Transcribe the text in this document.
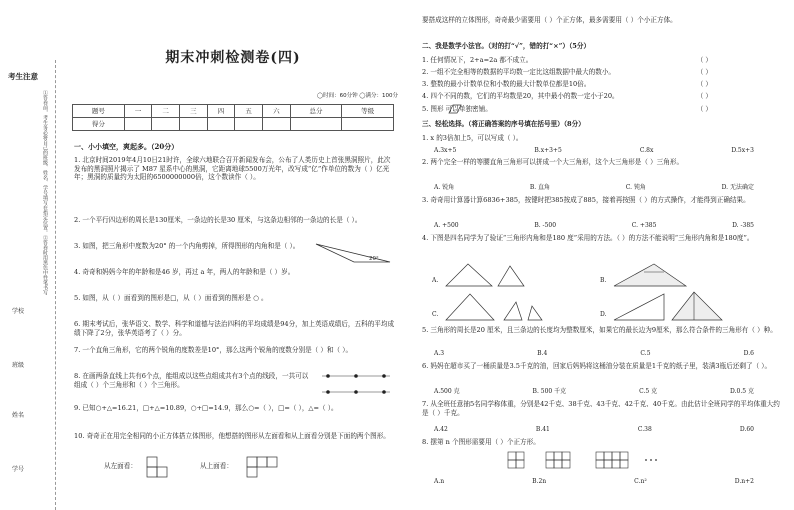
考生注意
①答卷前，考生务必将自己的班级、姓名、学号填写在指定位置。②答卷时用黑色中性笔书写
学校
班级
姓名
学号
期末冲刺检测卷(四)
◯时间：60分钟 ◯满分：100分
题号	一	二	三	四	五	六	总分	等级
得分								
一、小小填空，爽起多。（20分）
1. 北京时间2019年4月10日21时许，全球六地联合召开新闻发布会，公布了人类历史上首张黑洞照片，此次发布的黑洞照片揭示了 M87 星系中心的黑洞，它距离地球5500万光年，改写成“亿”作单位的数为（ ）亿光年；黑洞的质量约为太阳的6500000000倍，这个数读作（ ）。
2. 一个平行四边形的周长是130厘米，一条边的长是30 厘米，与这条边相邻的一条边的长是（ ）。
3. 如图，把三角形中度数为20° 的一个内角剪掉，所得图形的内角和是（ ）。
20°
4. 奇奇和妈妈今年的年龄和是46 岁，再过 a 年，两人的年龄和是（ ）岁。
5. 如图，从（ ）面看到的图形是□，从（ ）面看到的图形是 ○ 。
6. 期末考试后，张华语文、数学、科学和道德与法治四科的平均成绩是94分，加上英语成绩后，五科的平均成绩下降了2分，张华英语考了（ ）分。
7. 一个直角三角形，它的两个锐角的度数差是10°，那么这两个锐角的度数分别是（ ）和（ ）。
8. 在画两条直线上共有6个点，能组成以这些点组成共有3个点的线段，一共可以组成（ ）个三角形和（ ）个三角形。
9. 已知○+△=16.21，□+△=10.89，○+□=14.9，那么○=（ ），□=（ ），△=（ ）。
10. 奇奇正在用完全相同的小正方体搭立体图形，他想搭的图形从左面看和从上面看分别是下面的两个图形。
从左面看：	从上面看：
要搭成这样的立体图形，奇奇最少需要用（ ）个正方体，最多需要用（ ）个小正方体。
二、我是数学小法官。（对的打“√”，错的打“×”）（5分）
1. 任何情况下，2+a=2a 都不成立。	（ ）
2. 一组不完全相等的数据的平均数一定比这组数据中最大的数小。	（ ）
3. 整数的最小计数单位和小数的最大计数单位都是10倍。	（ ）
4. 四个不同的数，它们的平均数是20，其中最小的数一定小于20。	（ ）
5. 图形 可以单独密铺。	（ ）
三、轻松选择。（将正确答案的序号填在括号里）（8分）
1. x 的3倍加上5，可以写成（ ）。
A.3x+5	B.x+3+5	C.8x	D.5x+3
2. 两个完全一样的等腰直角三角形可以拼成一个大三角形，这个大三角形是（ ）三角形。
A. 锐角	B. 直角	C. 钝角	D. 无法确定
3. 奇奇用计算器计算6836+385，按键时把385按成了885，接着再按照（ ）的方式操作，才能得到正确结果。
A. +500	B. -500	C. +385	D. -385
4. 下图是四名同学为了验证“三角形内角和是180 度”采用的方法。（ ）的方法不能说明“三角形内角和是180度”。
A.	B.
C.	D.
5. 三角形的周长是20 厘米，且三条边的长度均为整数厘米，如果它的最长边为9厘米，那么符合条件的三角形有（ ）种。
A.3	B.4	C.5	D.6
6. 妈妈在超市买了一桶质量是3.5千克的油，回家后妈妈将这桶油分装在质量是1千克的纸子里，装满3瓶后还剩了（ ）。
A.500 克	B. 500 千克	C.5 克	D.0.5 克
7. 从全班任意抽5名同学称体重，分别是42千克、38千克、43千克、42千克、40千克。由此估计全班同学的平均体重大约是（ ）千克。
A.42	B.41	C.38	D.60
8. 摆第 n 个图形需要用（ ）个正方形。
A.n	B.2n	C.n²	D.n+2
